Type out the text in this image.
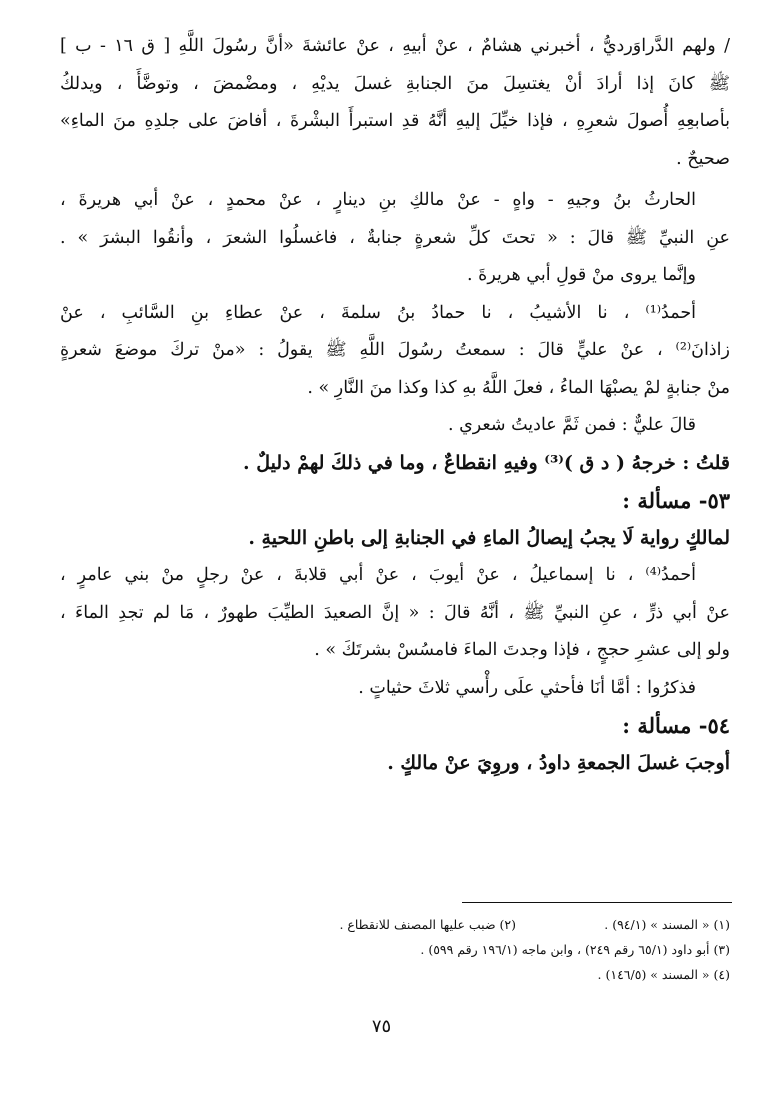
/ ولهم الدَّراوَرديُّ ، أخبرني هشامٌ ، عنْ أبيهِ ، عنْ عائشةَ «أنَّ رسُولَ اللَّهِ [ ق ١٦ - ب ]
ﷺ كانَ إذا أرادَ أنْ يغتسِلَ منَ الجنابةِ غسلَ يديْهِ ، ومضْمضَ ، وتوضَّأَ ، ويدلكُ
بأصابعِهِ أُصولَ شعرِهِ ، فإذا خيِّلَ إليهِ أنَّهُ قدِ استبرأَ البشْرةَ ، أفاضَ على جلدِهِ منَ الماءِ»
صحيحٌ .
الحارثُ بنُ وجيهِ - واهٍ - عنْ مالكِ بنِ دينارٍ ، عنْ محمدٍ ، عنْ أبي هريرةَ ،
عنِ النبيِّ ﷺ قالَ : « تحتَ كلِّ شعرةٍ جنابةٌ ، فاغسلُوا الشعرَ ، وأنقُوا البشرَ » .
وإنَّما يروى منْ قولِ أبي هريرةَ .
أحمدُ⁽¹⁾ ، نا الأشيبُ ، نا حمادُ بنُ سلمةَ ، عنْ عطاءِ بنِ السَّائبِ ، عنْ
زاذانَ⁽²⁾ ، عنْ عليٍّ قالَ : سمعتُ رسُولَ اللَّهِ ﷺ يقولُ : «منْ تركَ موضعَ شعرةٍ
منْ جنابةٍ لمْ يصبْهَا الماءُ ، فعلَ اللَّهُ بهِ كذا وكذا منَ النَّارِ » .
قالَ عليٌّ : فمن ثَمَّ عاديتُ شعري .
قلتُ : خرجهُ ( د ق )⁽³⁾ وفيهِ انقطاعٌ ، وما في ذلكَ لهمْ دليلٌ .
٥٣- مسألة :
لمالكٍ رواية لَا يجبُ إيصالُ الماءِ في الجنابةِ إلى باطنِ اللحيةِ .
أحمدُ⁽⁴⁾ ، نا إسماعيلُ ، عنْ أيوبَ ، عنْ أبي قلابةَ ، عنْ رجلٍ منْ بني عامرٍ ،
عنْ أبي ذرٍّ ، عنِ النبيِّ ﷺ ، أنَّهُ قالَ : « إنَّ الصعيدَ الطيِّبَ طهورٌ ، مَا لم تجدِ الماءَ ،
ولو إلى عشرِ حججٍ ، فإذا وجدتَ الماءَ فامسُسْ بشرتَكَ » .
فذكرُوا : أمَّا أنَا فأحثي علَى رأْسي ثلاثَ حثياتٍ .
٥٤- مسألة :
أوجبَ غسلَ الجمعةِ داودُ ، وروِيَ عنْ مالكٍ .
(١) « المسند » (٩٤/١) . (٢) ضبب عليها المصنف للانقطاع .
(٣) أبو داود (٦٥/١ رقم ٢٤٩) ، وابن ماجه (١٩٦/١ رقم ٥٩٩) .
(٤) « المسند » (١٤٦/٥) .
٧٥
